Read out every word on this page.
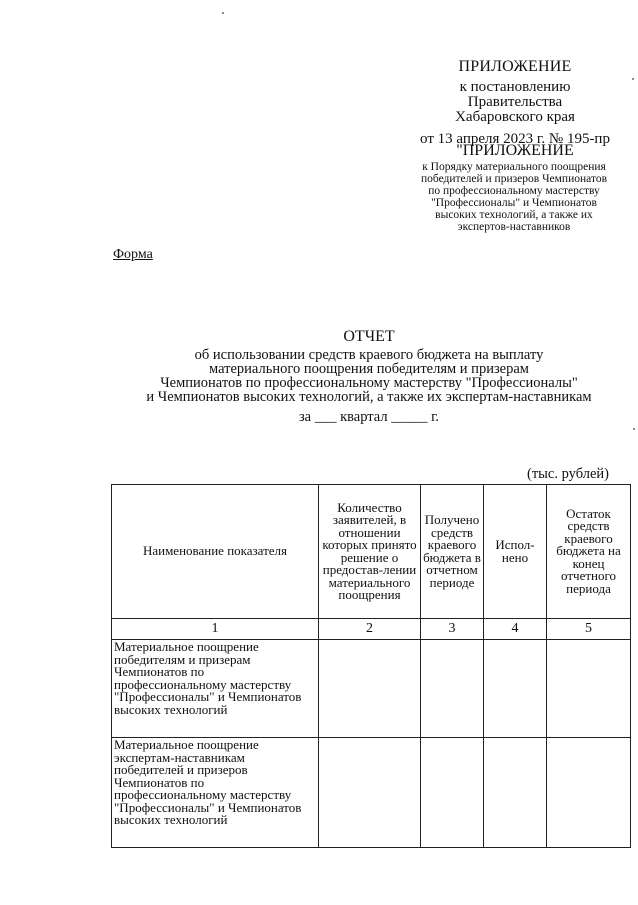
ПРИЛОЖЕНИЕ
к постановлению
Правительства
Хабаровского края
от 13 апреля 2023 г. № 195-пр
"ПРИЛОЖЕНИЕ
к Порядку материального поощрения
победителей и призеров Чемпионатов
по профессиональному мастерству
"Профессионалы" и Чемпионатов
высоких технологий, а также их
экспертов-наставников
Форма
ОТЧЕТ
об использовании средств краевого бюджета на выплату
материального поощрения победителям и призерам
Чемпионатов по профессиональному мастерству "Профессионалы"
и Чемпионатов высоких технологий, а также их экспертам-наставникам
за ___ квартал _____ г.
(тыс. рублей)
Наименование показателя	Количество заявителей, в отношении которых принято решение о предостав-лении материального поощрения	Получено средств краевого бюджета в отчетном периоде	Испол-нено	Остаток средств краевого бюджета на конец отчетного периода
1	2	3	4	5
Материальное поощрение победителям и призерам Чемпионатов по профессиональному мастерству "Профессионалы" и Чемпионатов высоких технологий				
Материальное поощрение экспертам-наставникам победителей и призеров Чемпионатов по профессиональному мастерству "Профессионалы" и Чемпионатов высоких технологий				
